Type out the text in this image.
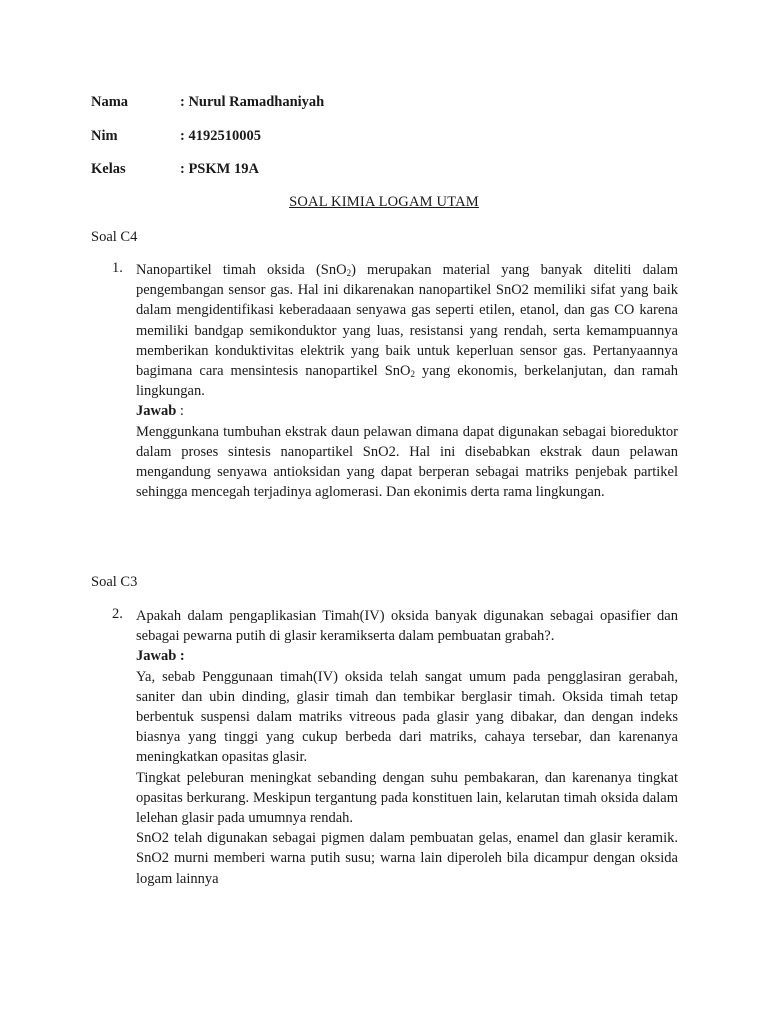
Nama	: Nurul Ramadhaniyah
Nim	: 4192510005
Kelas	: PSKM 19A
SOAL KIMIA LOGAM UTAM
Soal C4
1. Nanopartikel timah oksida (SnO$_2$) merupakan material yang banyak diteliti dalam pengembangan sensor gas. Hal ini dikarenakan nanopartikel SnO2 memiliki sifat yang baik dalam mengidentifikasi keberadaaan senyawa gas seperti etilen, etanol, dan gas CO karena memiliki bandgap semikonduktor yang luas, resistansi yang rendah, serta kemampuannya memberikan konduktivitas elektrik yang baik untuk keperluan sensor gas. Pertanyaannya bagimana cara mensintesis nanopartikel SnO$_2$ yang ekonomis, berkelanjutan, dan ramah lingkungan.

Jawab :

Menggunkana tumbuhan ekstrak daun pelawan dimana dapat digunakan sebagai bioreduktor dalam proses sintesis nanopartikel SnO2. Hal ini disebabkan ekstrak daun pelawan mengandung senyawa antioksidan yang dapat berperan sebagai matriks penjebak partikel sehingga mencegah terjadinya aglomerasi. Dan ekonimis derta rama lingkungan.

Soal C3
2. Apakah dalam pengaplikasian Timah(IV) oksida banyak digunakan sebagai opasifier dan sebagai pewarna putih di glasir keramikserta dalam pembuatan grabah?.

Jawab :

Ya, sebab Penggunaan timah(IV) oksida telah sangat umum pada pengglasiran gerabah, saniter dan ubin dinding, glasir timah dan tembikar berglasir timah. Oksida timah tetap berbentuk suspensi dalam matriks vitreous pada glasir yang dibakar, dan dengan indeks biasnya yang tinggi yang cukup berbeda dari matriks, cahaya tersebar, dan karenanya meningkatkan opasitas glasir.

Tingkat peleburan meningkat sebanding dengan suhu pembakaran, dan karenanya tingkat opasitas berkurang. Meskipun tergantung pada konstituen lain, kelarutan timah oksida dalam lelehan glasir pada umumnya rendah.

SnO2 telah digunakan sebagai pigmen dalam pembuatan gelas, enamel dan glasir keramik. SnO2 murni memberi warna putih susu; warna lain diperoleh bila dicampur dengan oksida logam lainnya
